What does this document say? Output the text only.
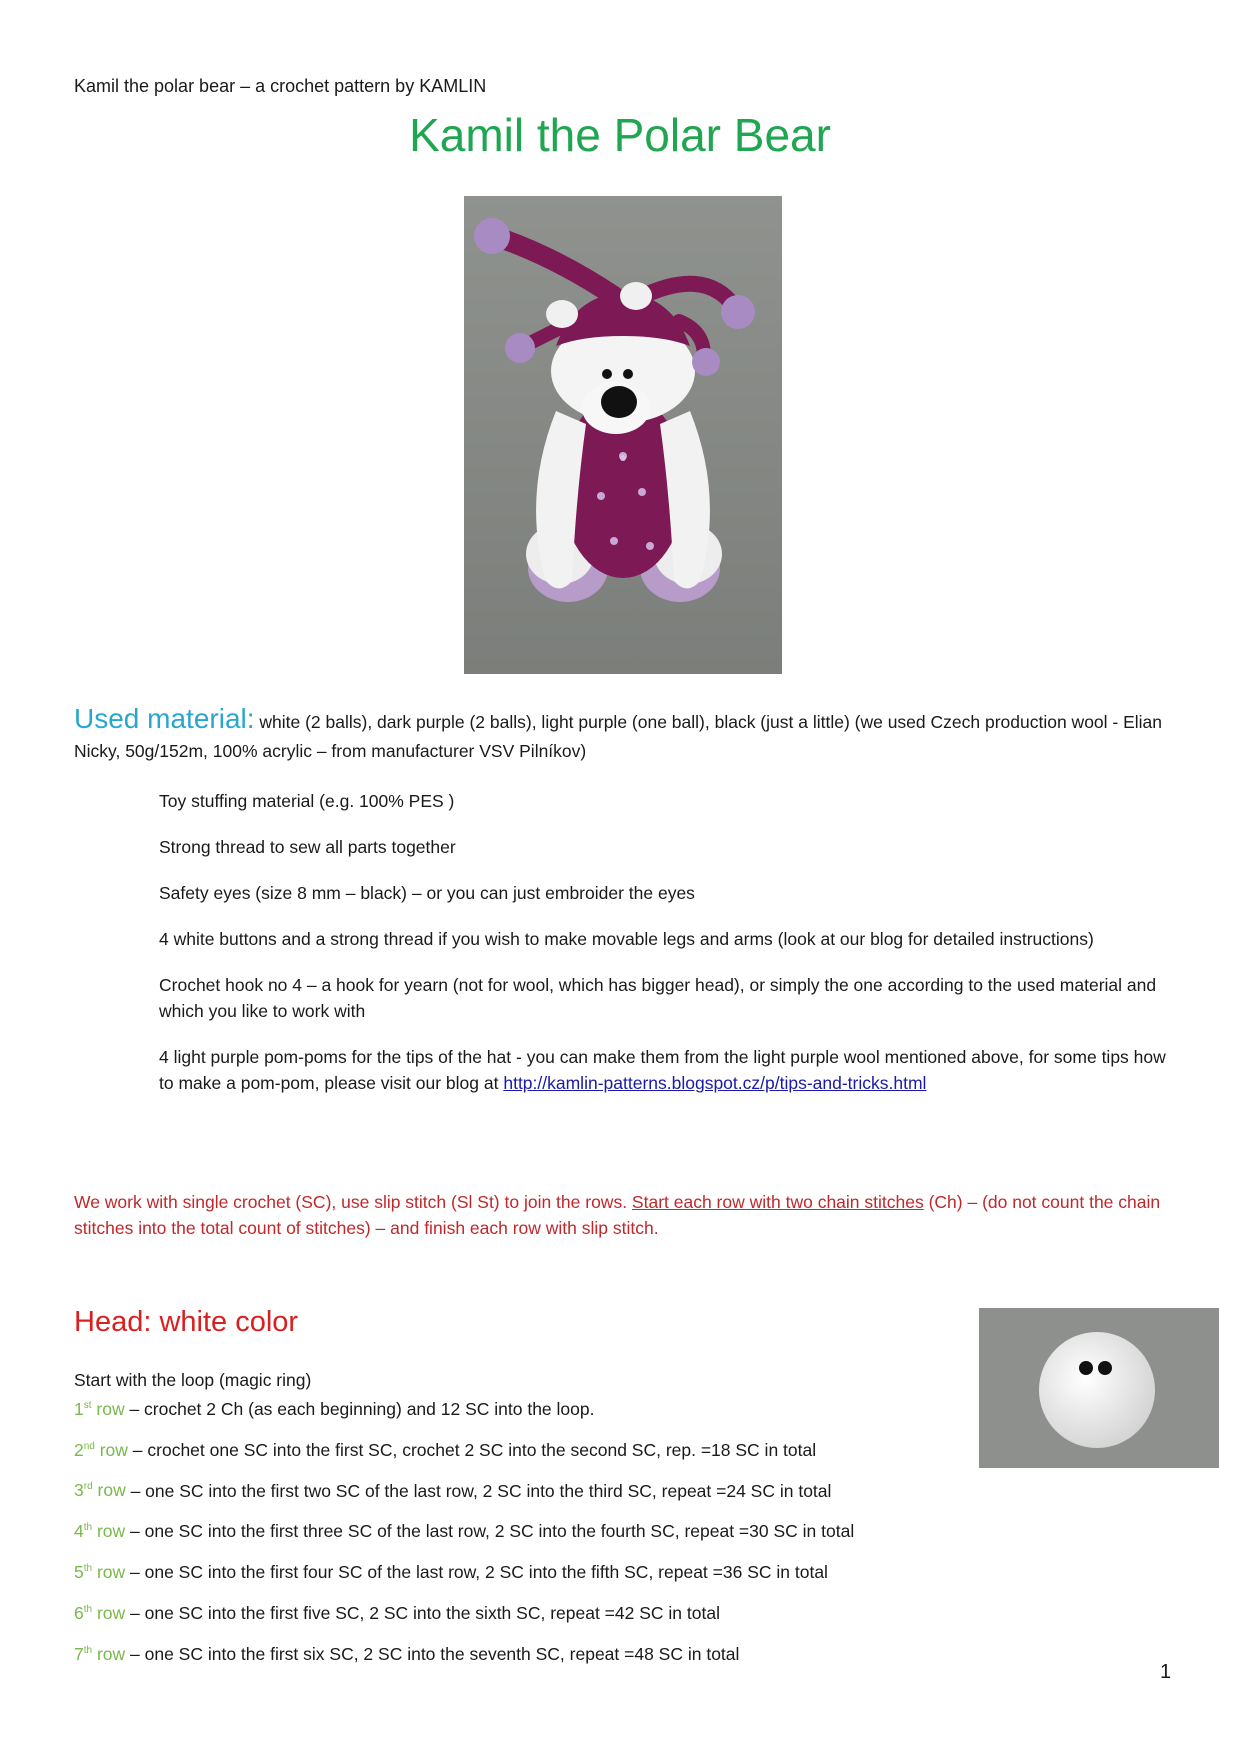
Kamil the polar bear – a crochet pattern by KAMLIN
Kamil the Polar Bear
Used material: white (2 balls), dark purple (2 balls), light purple (one ball), black (just a little) (we used Czech production wool - Elian Nicky, 50g/152m, 100% acrylic – from manufacturer VSV Pilníkov)

Toy stuffing material (e.g. 100% PES )

Strong thread to sew all parts together

Safety eyes (size 8 mm – black) – or you can just embroider the eyes

4 white buttons and a strong thread if you wish to make movable legs and arms (look at our blog for detailed instructions)

Crochet hook no 4 – a hook for yearn (not for wool, which has bigger head), or simply the one according to the used material and which you like to work with

4 light purple pom-poms for the tips of the hat - you can make them from the light purple wool mentioned above, for some tips how to make a pom-pom, please visit our blog at http://kamlin-patterns.blogspot.cz/p/tips-and-tricks.html

We work with single crochet (SC), use slip stitch (Sl St) to join the rows. Start each row with two chain stitches (Ch) – (do not count the chain stitches into the total count of stitches) – and finish each row with slip stitch.
Head: white color
Start with the loop (magic ring)
1st row – crochet 2 Ch (as each beginning) and 12 SC into the loop.
2nd row – crochet one SC into the first SC, crochet 2 SC into the second SC, rep. =18 SC in total
3rd row – one SC into the first two SC of the last row, 2 SC into the third SC, repeat =24 SC in total
4th row – one SC into the first three SC of the last row, 2 SC into the fourth SC, repeat =30 SC in total
5th row – one SC into the first four SC of the last row, 2 SC into the fifth SC, repeat =36 SC in total
6th row – one SC into the first five SC, 2 SC into the sixth SC, repeat =42 SC in total
7th row – one SC into the first six SC, 2 SC into the seventh SC, repeat =48 SC in total
1
